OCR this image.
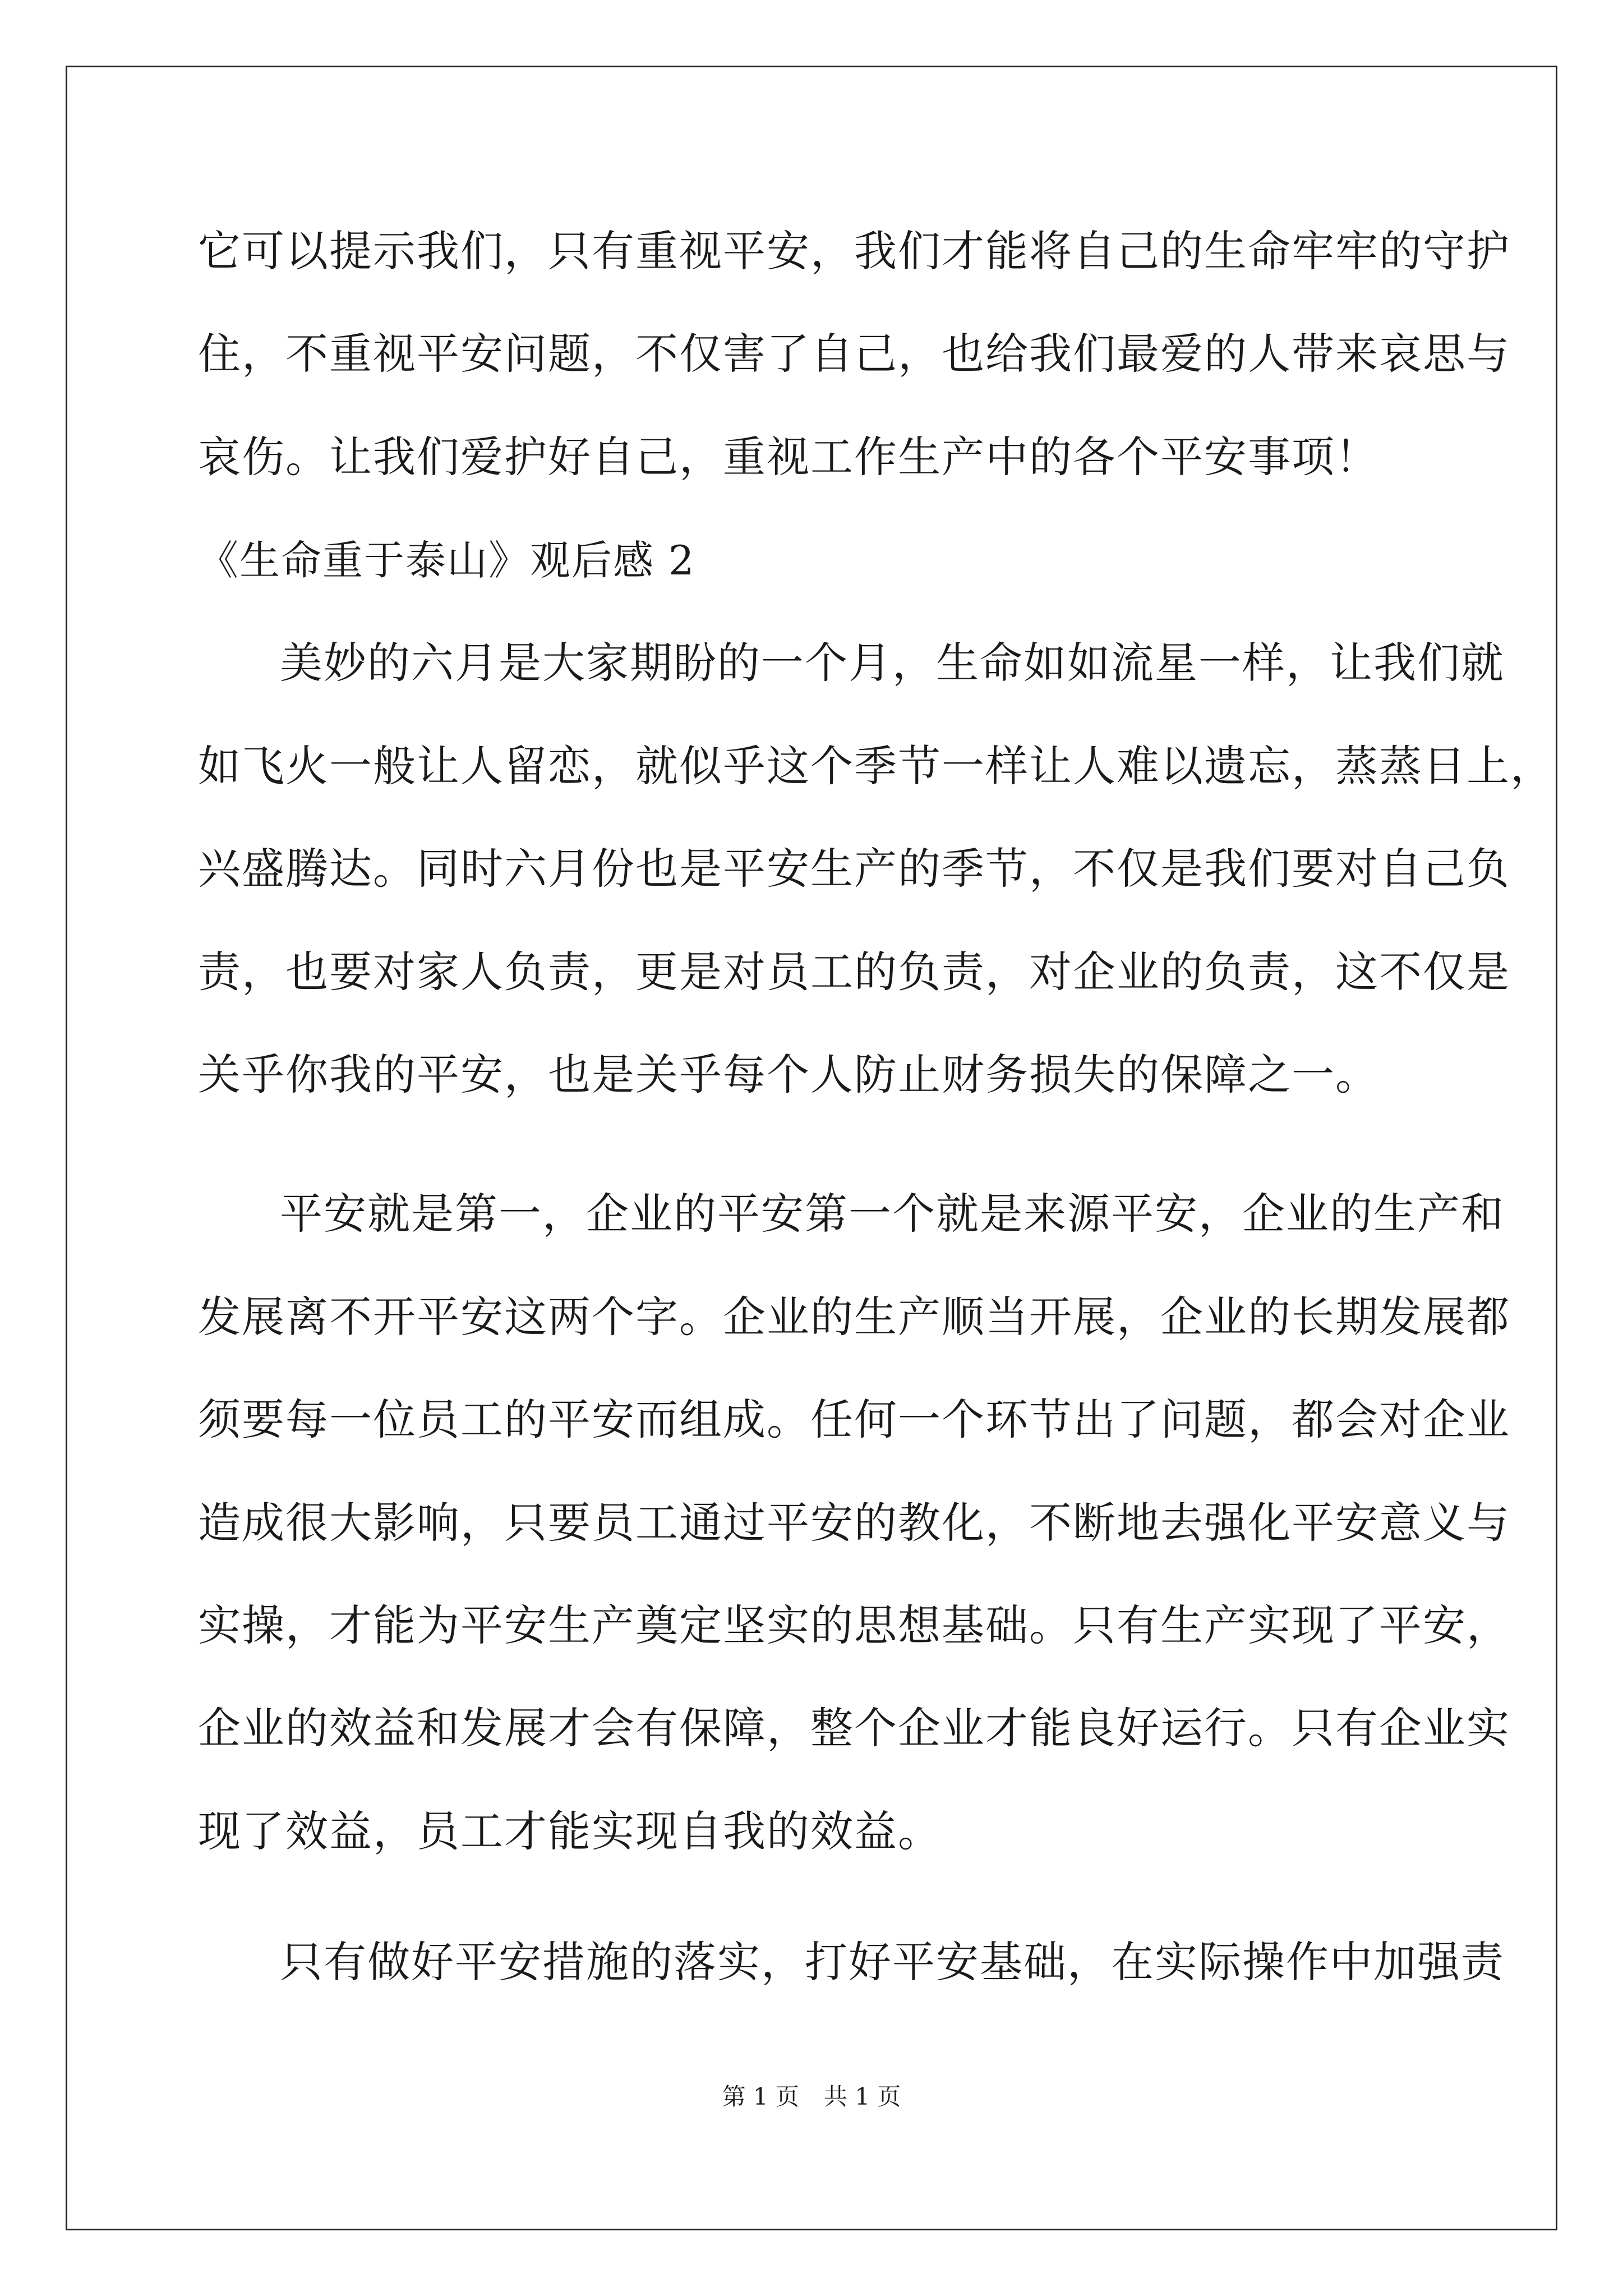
它可以提示我们，只有重视平安，我们才能将自己的生命牢牢的守护
住，不重视平安问题，不仅害了自己，也给我们最爱的人带来哀思与
哀伤。让我们爱护好自己，重视工作生产中的各个平安事项！
《生命重于泰山》观后感 2
美妙的六月是大家期盼的一个月，生命如如流星一样，让我们就
如飞火一般让人留恋，就似乎这个季节一样让人难以遗忘，蒸蒸日上，
兴盛腾达。同时六月份也是平安生产的季节，不仅是我们要对自己负
责，也要对家人负责，更是对员工的负责，对企业的负责，这不仅是
关乎你我的平安，也是关乎每个人防止财务损失的保障之一。
平安就是第一，企业的平安第一个就是来源平安，企业的生产和
发展离不开平安这两个字。企业的生产顺当开展，企业的长期发展都
须要每一位员工的平安而组成。任何一个环节出了问题，都会对企业
造成很大影响，只要员工通过平安的教化，不断地去强化平安意义与
实操，才能为平安生产奠定坚实的思想基础。只有生产实现了平安，
企业的效益和发展才会有保障，整个企业才能良好运行。只有企业实
现了效益，员工才能实现自我的效益。
只有做好平安措施的落实，打好平安基础，在实际操作中加强责
第 1 页 共 1 页
